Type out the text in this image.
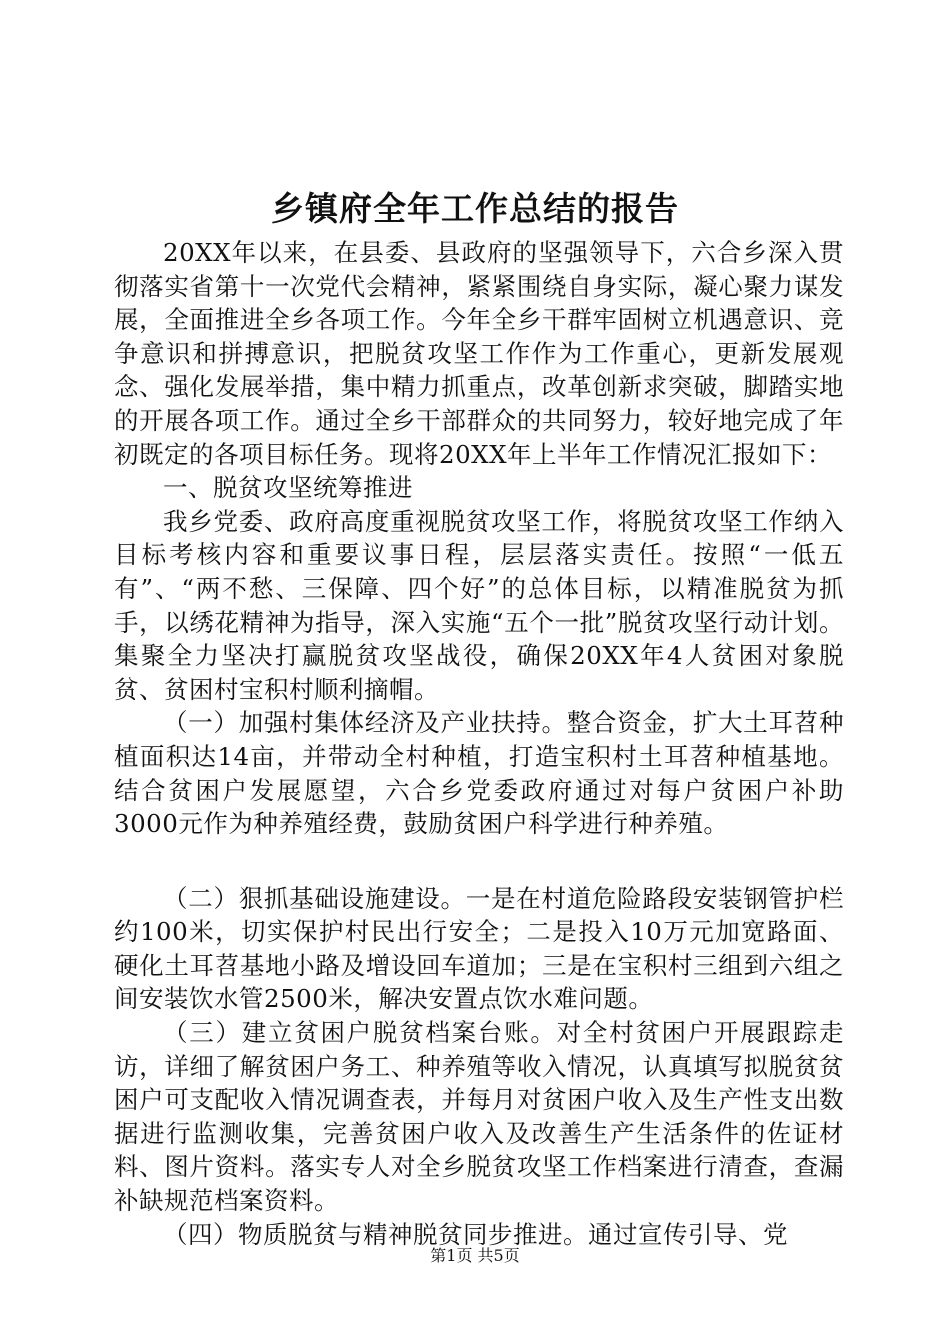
乡镇府全年工作总结的报告

20XX年以来，在县委、县政府的坚强领导下，六合乡深入贯彻落实省第十一次党代会精神，紧紧围绕自身实际，凝心聚力谋发展，全面推进全乡各项工作。今年全乡干群牢固树立机遇意识、竞争意识和拼搏意识，把脱贫攻坚工作作为工作重心，更新发展观念、强化发展举措，集中精力抓重点，改革创新求突破，脚踏实地的开展各项工作。通过全乡干部群众的共同努力，较好地完成了年初既定的各项目标任务。现将20XX年上半年工作情况汇报如下：

一、脱贫攻坚统筹推进

我乡党委、政府高度重视脱贫攻坚工作，将脱贫攻坚工作纳入目标考核内容和重要议事日程，层层落实责任。按照“一低五有”、“两不愁、三保障、四个好”的总体目标，以精准脱贫为抓手，以绣花精神为指导，深入实施“五个一批”脱贫攻坚行动计划。集聚全力坚决打赢脱贫攻坚战役，确保20XX年4人贫困对象脱贫、贫困村宝积村顺利摘帽。

（一）加强村集体经济及产业扶持。整合资金，扩大土耳苕种植面积达14亩，并带动全村种植，打造宝积村土耳苕种植基地。结合贫困户发展愿望，六合乡党委政府通过对每户贫困户补助3000元作为种养殖经费，鼓励贫困户科学进行种养殖。

（二）狠抓基础设施建设。一是在村道危险路段安装钢管护栏约100米，切实保护村民出行安全；二是投入10万元加宽路面、硬化土耳苕基地小路及增设回车道加；三是在宝积村三组到六组之间安装饮水管2500米，解决安置点饮水难问题。

（三）建立贫困户脱贫档案台账。对全村贫困户开展跟踪走访，详细了解贫困户务工、种养殖等收入情况，认真填写拟脱贫贫困户可支配收入情况调查表，并每月对贫困户收入及生产性支出数据进行监测收集，完善贫困户收入及改善生产生活条件的佐证材料、图片资料。落实专人对全乡脱贫攻坚工作档案进行清查，查漏补缺规范档案资料。

（四）物质脱贫与精神脱贫同步推进。通过宣传引导、党

第1页 共5页
